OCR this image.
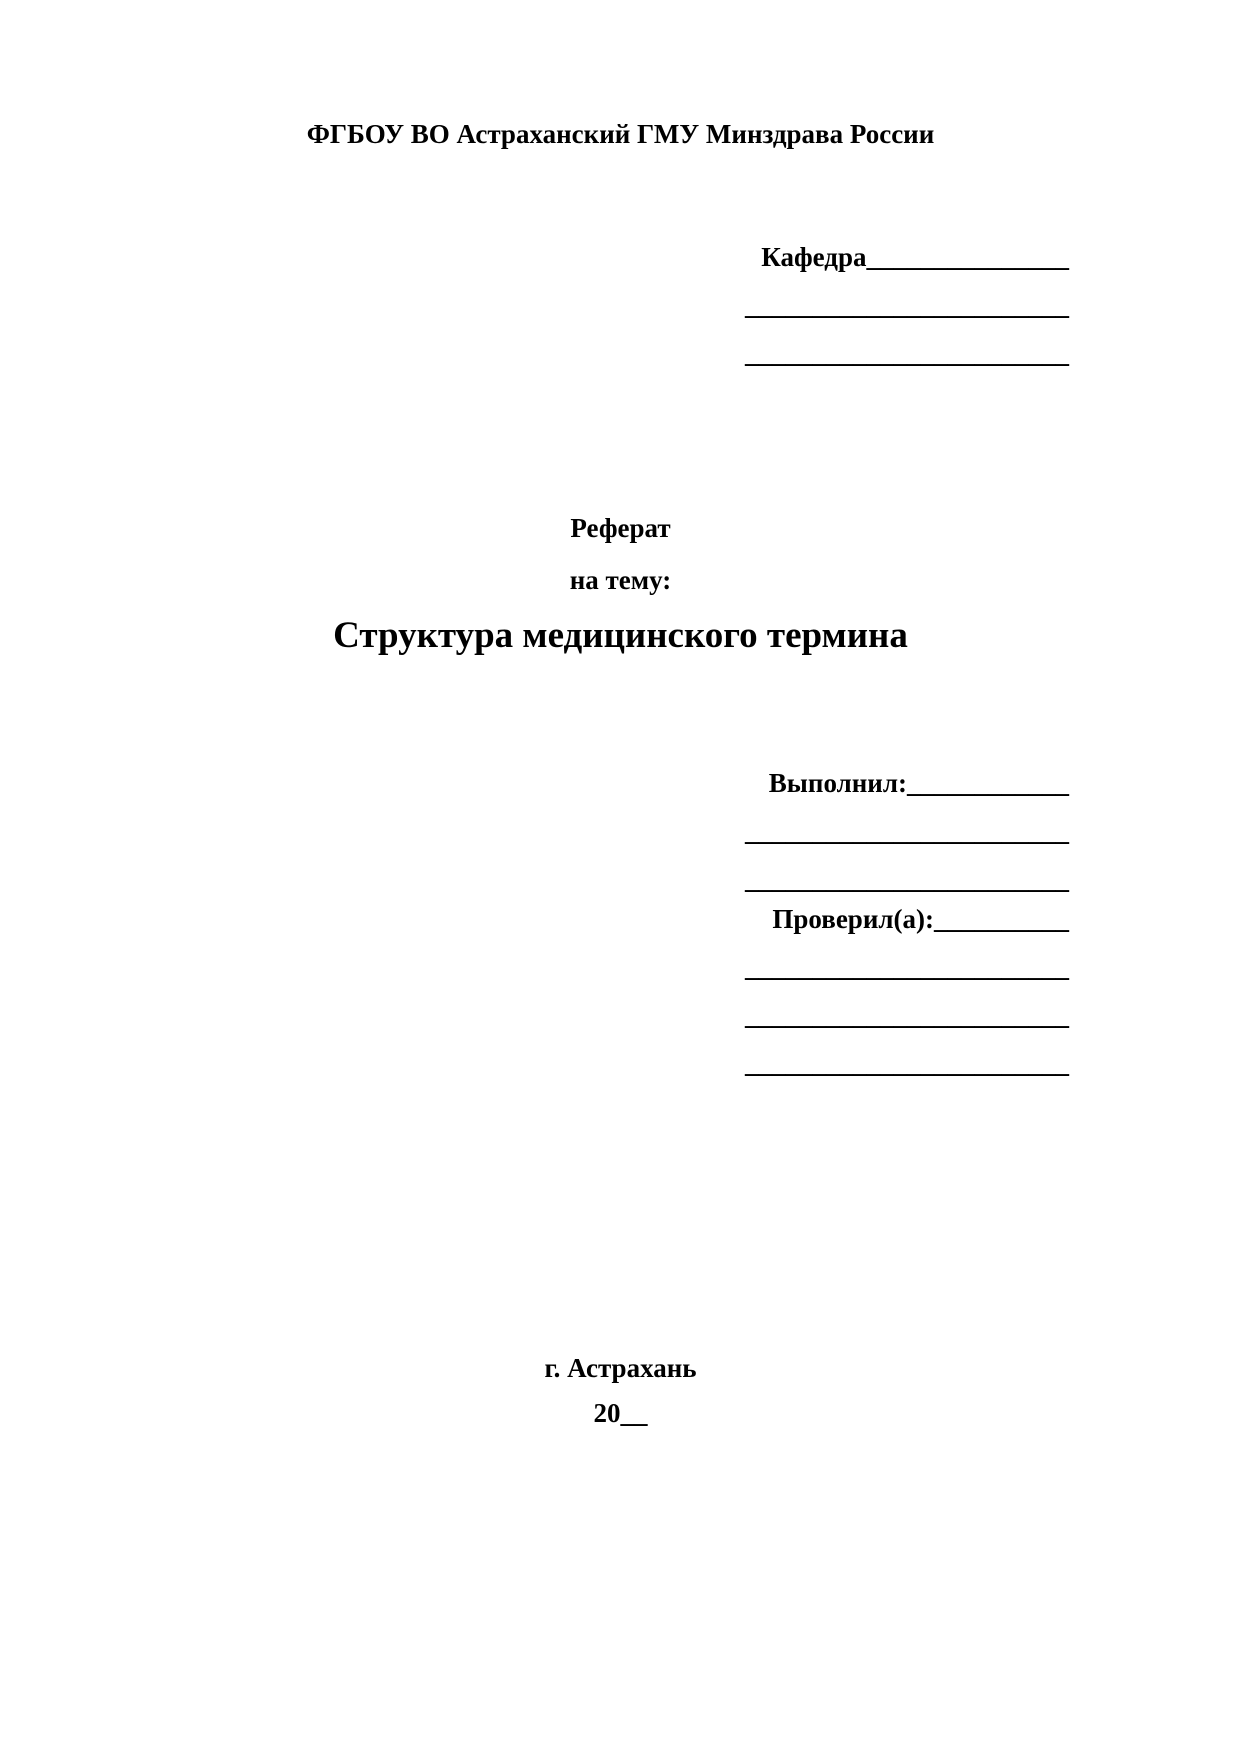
ФГБОУ ВО Астраханский ГМУ Минздрава России
Кафедра_______________
________________________
________________________
Реферат
на тему:
Структура медицинского термина
Выполнил:____________
________________________
________________________
Проверил(а):__________
________________________
________________________
________________________
г. Астрахань
20__
